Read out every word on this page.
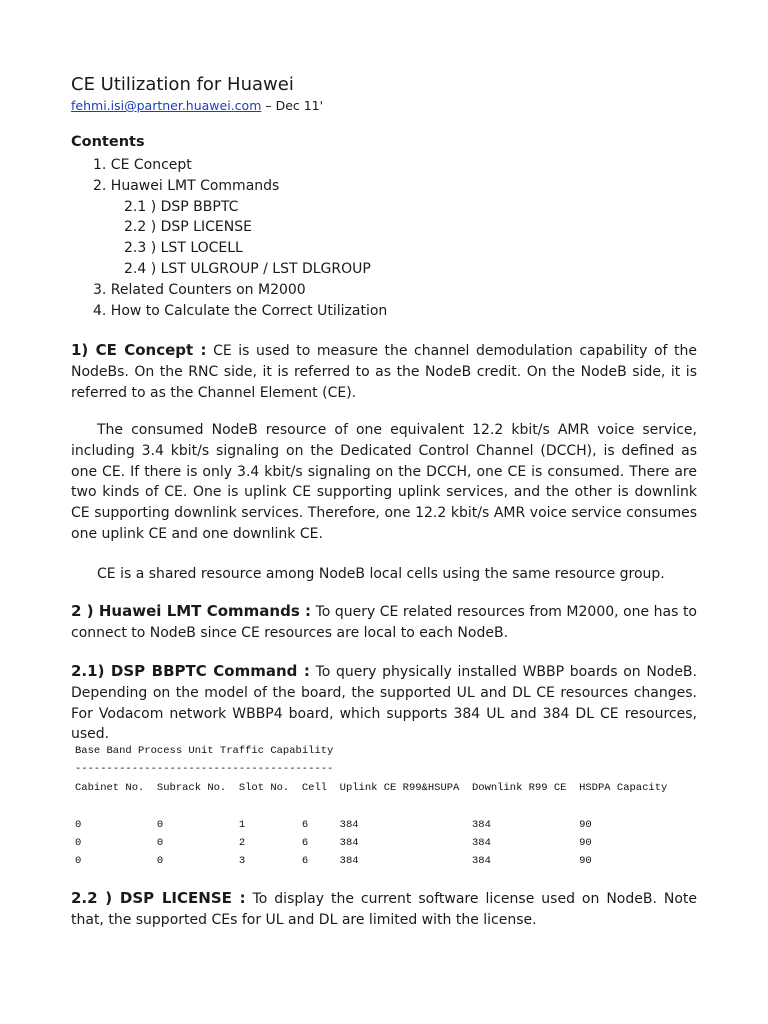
CE Utilization for Huawei
fehmi.isi@partner.huawei.com – Dec 11'
Contents
1. CE Concept
2. Huawei LMT Commands
2.1 ) DSP BBPTC
2.2 ) DSP LICENSE
2.3 ) LST LOCELL
2.4 ) LST ULGROUP / LST DLGROUP
3. Related Counters on M2000
4. How to Calculate the Correct Utilization

1) CE Concept : CE is used to measure the channel demodulation capability of the NodeBs. On the RNC side, it is referred to as the NodeB credit. On the NodeB side, it is referred to as the Channel Element (CE).

The consumed NodeB resource of one equivalent 12.2 kbit/s AMR voice service, including 3.4 kbit/s signaling on the Dedicated Control Channel (DCCH), is defined as one CE. If there is only 3.4 kbit/s signaling on the DCCH, one CE is consumed. There are two kinds of CE. One is uplink CE supporting uplink services, and the other is downlink CE supporting downlink services. Therefore, one 12.2 kbit/s AMR voice service consumes one uplink CE and one downlink CE.

CE is a shared resource among NodeB local cells using the same resource group.

2 ) Huawei LMT Commands : To query CE related resources from M2000, one has to connect to NodeB since CE resources are local to each NodeB.

2.1) DSP BBPTC Command : To query physically installed WBBP boards on NodeB. Depending on the model of the board, the supported UL and DL CE resources changes. For Vodacom network WBBP4 board, which supports 384 UL and 384 DL CE resources, used.

Base Band Process Unit Traffic Capability
-----------------------------------------
Cabinet No.  Subrack No.  Slot No.  Cell  Uplink CE R99&HSUPA  Downlink R99 CE  HSDPA Capacity

0            0            1         6     384                  384              90
0            0            2         6     384                  384              90
0            0            3         6     384                  384              90

2.2 ) DSP LICENSE : To display the current software license used on NodeB. Note that, the supported CEs for UL and DL are limited with the license.
